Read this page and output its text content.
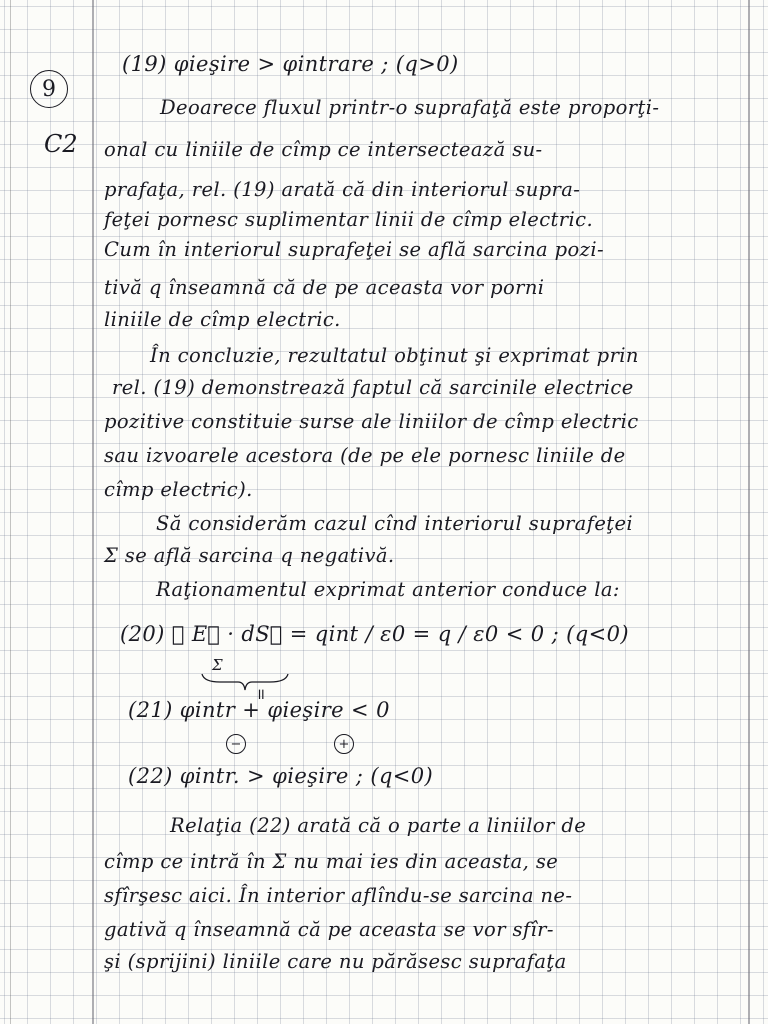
9
C2
(19) φieşire > φintrare ; (q>0)
Deoarece fluxul printr-o suprafaţă este proporţi-
onal cu liniile de cîmp ce intersectează su-
prafaţa, rel. (19) arată că din interiorul supra-
feţei pornesc suplimentar linii de cîmp electric.
Cum în interiorul suprafeţei se află sarcina pozi-
tivă q înseamnă că de pe aceasta vor porni
liniile de cîmp electric.
În concluzie, rezultatul obţinut şi exprimat prin
rel. (19) demonstrează faptul că sarcinile electrice
pozitive constituie surse ale liniilor de cîmp electric
sau izvoarele acestora (de pe ele pornesc liniile de
cîmp electric).
Să considerăm cazul cînd interiorul suprafeţei
Σ se află sarcina q negativă.
Raţionamentul exprimat anterior conduce la:
(20) ∮ E⃗ · dS⃗ = qint / ε0 = q / ε0 < 0 ; (q<0)
Σ
॥
(21) φintr + φieşire < 0
−	+
(22) φintr. > φieşire ; (q<0)
Relaţia (22) arată că o parte a liniilor de
cîmp ce intră în Σ nu mai ies din aceasta, se
sfîrşesc aici. În interior aflîndu-se sarcina ne-
gativă q înseamnă că pe aceasta se vor sfîr-
şi (sprijini) liniile care nu părăsesc suprafaţa
